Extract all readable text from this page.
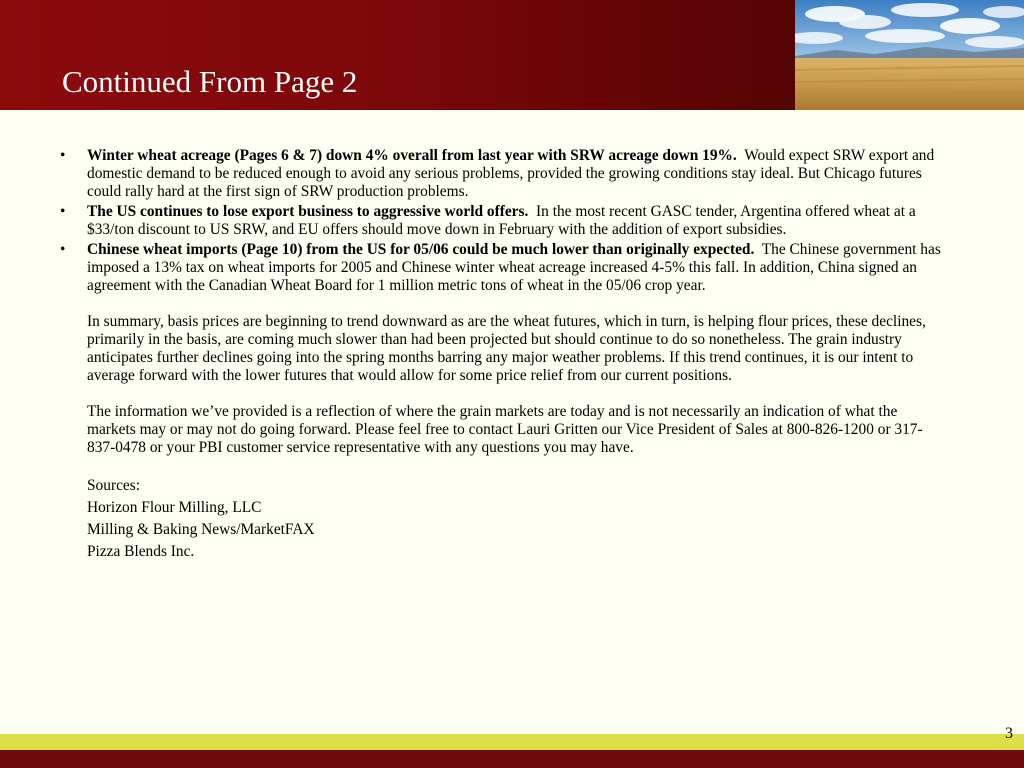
Continued From Page 2
• Winter wheat acreage (Pages 6 & 7) down 4% overall from last year with SRW acreage down 19%. Would expect SRW export and domestic demand to be reduced enough to avoid any serious problems, provided the growing conditions stay ideal. But Chicago futures could rally hard at the first sign of SRW production problems.
• The US continues to lose export business to aggressive world offers. In the most recent GASC tender, Argentina offered wheat at a $33/ton discount to US SRW, and EU offers should move down in February with the addition of export subsidies.
• Chinese wheat imports (Page 10) from the US for 05/06 could be much lower than originally expected. The Chinese government has imposed a 13% tax on wheat imports for 2005 and Chinese winter wheat acreage increased 4-5% this fall. In addition, China signed an agreement with the Canadian Wheat Board for 1 million metric tons of wheat in the 05/06 crop year.
In summary, basis prices are beginning to trend downward as are the wheat futures, which in turn, is helping flour prices, these declines, primarily in the basis, are coming much slower than had been projected but should continue to do so nonetheless. The grain industry anticipates further declines going into the spring months barring any major weather problems. If this trend continues, it is our intent to average forward with the lower futures that would allow for some price relief from our current positions.
The information we’ve provided is a reflection of where the grain markets are today and is not necessarily an indication of what the markets may or may not do going forward. Please feel free to contact Lauri Gritten our Vice President of Sales at 800-826-1200 or 317-837-0478 or your PBI customer service representative with any questions you may have.
Sources:
Horizon Flour Milling, LLC
Milling & Baking News/MarketFAX
Pizza Blends Inc.
3
